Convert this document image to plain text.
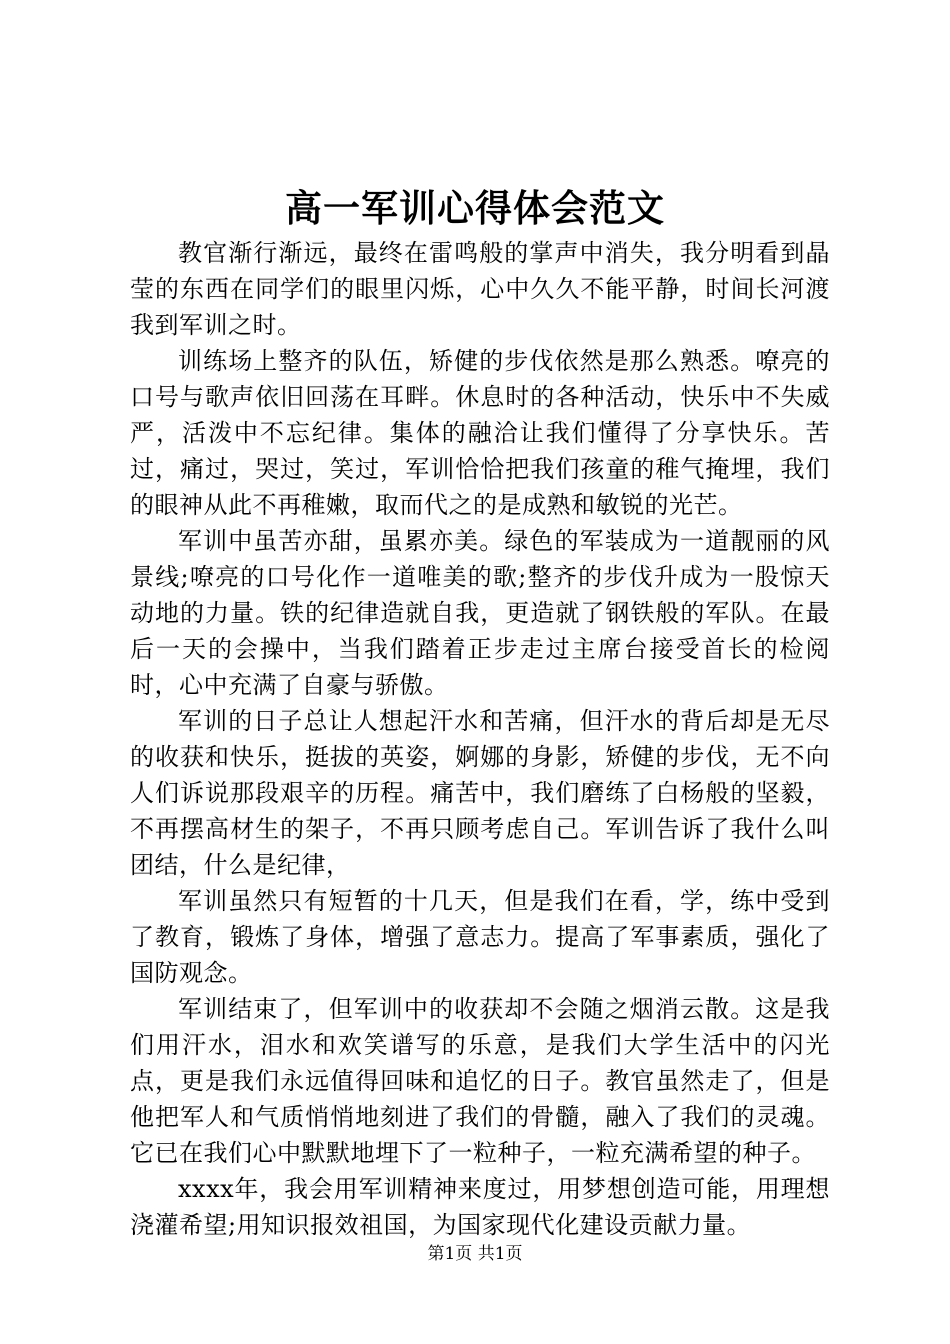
高一军训心得体会范文

教官渐行渐远，最终在雷鸣般的掌声中消失，我分明看到晶莹的东西在同学们的眼里闪烁，心中久久不能平静，时间长河渡我到军训之时。

训练场上整齐的队伍，矫健的步伐依然是那么熟悉。嘹亮的口号与歌声依旧回荡在耳畔。休息时的各种活动，快乐中不失威严，活泼中不忘纪律。集体的融洽让我们懂得了分享快乐。苦过，痛过，哭过，笑过，军训恰恰把我们孩童的稚气掩埋，我们的眼神从此不再稚嫩，取而代之的是成熟和敏锐的光芒。

军训中虽苦亦甜，虽累亦美。绿色的军装成为一道靓丽的风景线;嘹亮的口号化作一道唯美的歌;整齐的步伐升成为一股惊天动地的力量。铁的纪律造就自我，更造就了钢铁般的军队。在最后一天的会操中，当我们踏着正步走过主席台接受首长的检阅时，心中充满了自豪与骄傲。

军训的日子总让人想起汗水和苦痛，但汗水的背后却是无尽的收获和快乐，挺拔的英姿，婀娜的身影，矫健的步伐，无不向人们诉说那段艰辛的历程。痛苦中，我们磨练了白杨般的坚毅，不再摆高材生的架子，不再只顾考虑自己。军训告诉了我什么叫团结，什么是纪律，

军训虽然只有短暂的十几天，但是我们在看，学，练中受到了教育，锻炼了身体，增强了意志力。提高了军事素质，强化了国防观念。

军训结束了，但军训中的收获却不会随之烟消云散。这是我们用汗水，泪水和欢笑谱写的乐意，是我们大学生活中的闪光点，更是我们永远值得回味和追忆的日子。教官虽然走了，但是他把军人和气质悄悄地刻进了我们的骨髓，融入了我们的灵魂。它已在我们心中默默地埋下了一粒种子，一粒充满希望的种子。

xxxx年，我会用军训精神来度过，用梦想创造可能，用理想浇灌希望;用知识报效祖国，为国家现代化建设贡献力量。

第1页 共1页
